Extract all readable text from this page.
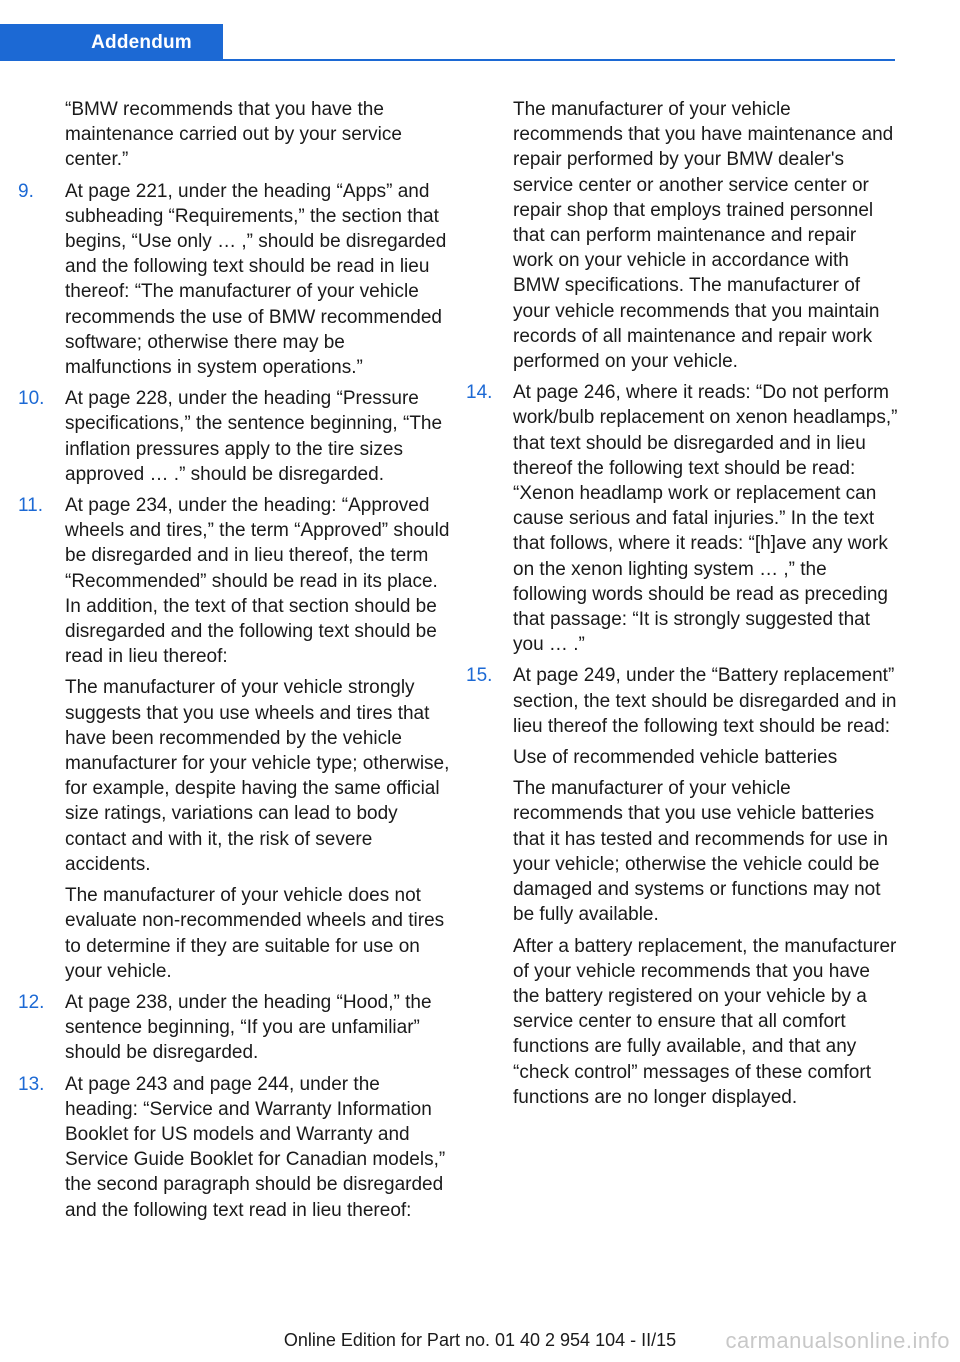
Addendum
“BMW recommends that you have the maintenance carried out by your service center.”
9. At page 221, under the heading “Apps” and subheading “Requirements,” the section that begins, “Use only … ,” should be disregarded and the following text should be read in lieu thereof: “The manufacturer of your vehicle recommends the use of BMW recommended software; otherwise there may be malfunctions in system operations.”
10. At page 228, under the heading “Pressure specifications,” the sentence beginning, “The inflation pressures apply to the tire sizes approved … .” should be disregarded.
11. At page 234, under the heading: “Approved wheels and tires,” the term “Approved” should be disregarded and in lieu thereof, the term “Recommended” should be read in its place. In addition, the text of that section should be disregarded and the following text should be read in lieu thereof:
The manufacturer of your vehicle strongly suggests that you use wheels and tires that have been recommended by the vehicle manufacturer for your vehicle type; otherwise, for example, despite having the same official size ratings, variations can lead to body contact and with it, the risk of severe accidents.
The manufacturer of your vehicle does not evaluate non-recommended wheels and tires to determine if they are suitable for use on your vehicle.
12. At page 238, under the heading “Hood,” the sentence beginning, “If you are unfamiliar” should be disregarded.
13. At page 243 and page 244, under the heading: “Service and Warranty Information Booklet for US models and Warranty and Service Guide Booklet for Canadian models,” the second paragraph should be disregarded and the following text read in lieu thereof:
The manufacturer of your vehicle recommends that you have maintenance and repair performed by your BMW dealer's service center or another service center or repair shop that employs trained personnel that can perform maintenance and repair work on your vehicle in accordance with BMW specifications. The manufacturer of your vehicle recommends that you maintain records of all maintenance and repair work performed on your vehicle.
14. At page 246, where it reads: “Do not perform work/bulb replacement on xenon headlamps,” that text should be disregarded and in lieu thereof the following text should be read: “Xenon headlamp work or replacement can cause serious and fatal injuries.” In the text that follows, where it reads: “[h]ave any work on the xenon lighting system … ,” the following words should be read as preceding that passage: “It is strongly suggested that you … .”
15. At page 249, under the “Battery replacement” section, the text should be disregarded and in lieu thereof the following text should be read:
Use of recommended vehicle batteries
The manufacturer of your vehicle recommends that you use vehicle batteries that it has tested and recommends for use in your vehicle; otherwise the vehicle could be damaged and systems or functions may not be fully available.
After a battery replacement, the manufacturer of your vehicle recommends that you have the battery registered on your vehicle by a service center to ensure that all comfort functions are fully available, and that any “check control” messages of these comfort functions are no longer displayed.
Online Edition for Part no. 01 40 2 954 104 - II/15	carmanualsonline.info
